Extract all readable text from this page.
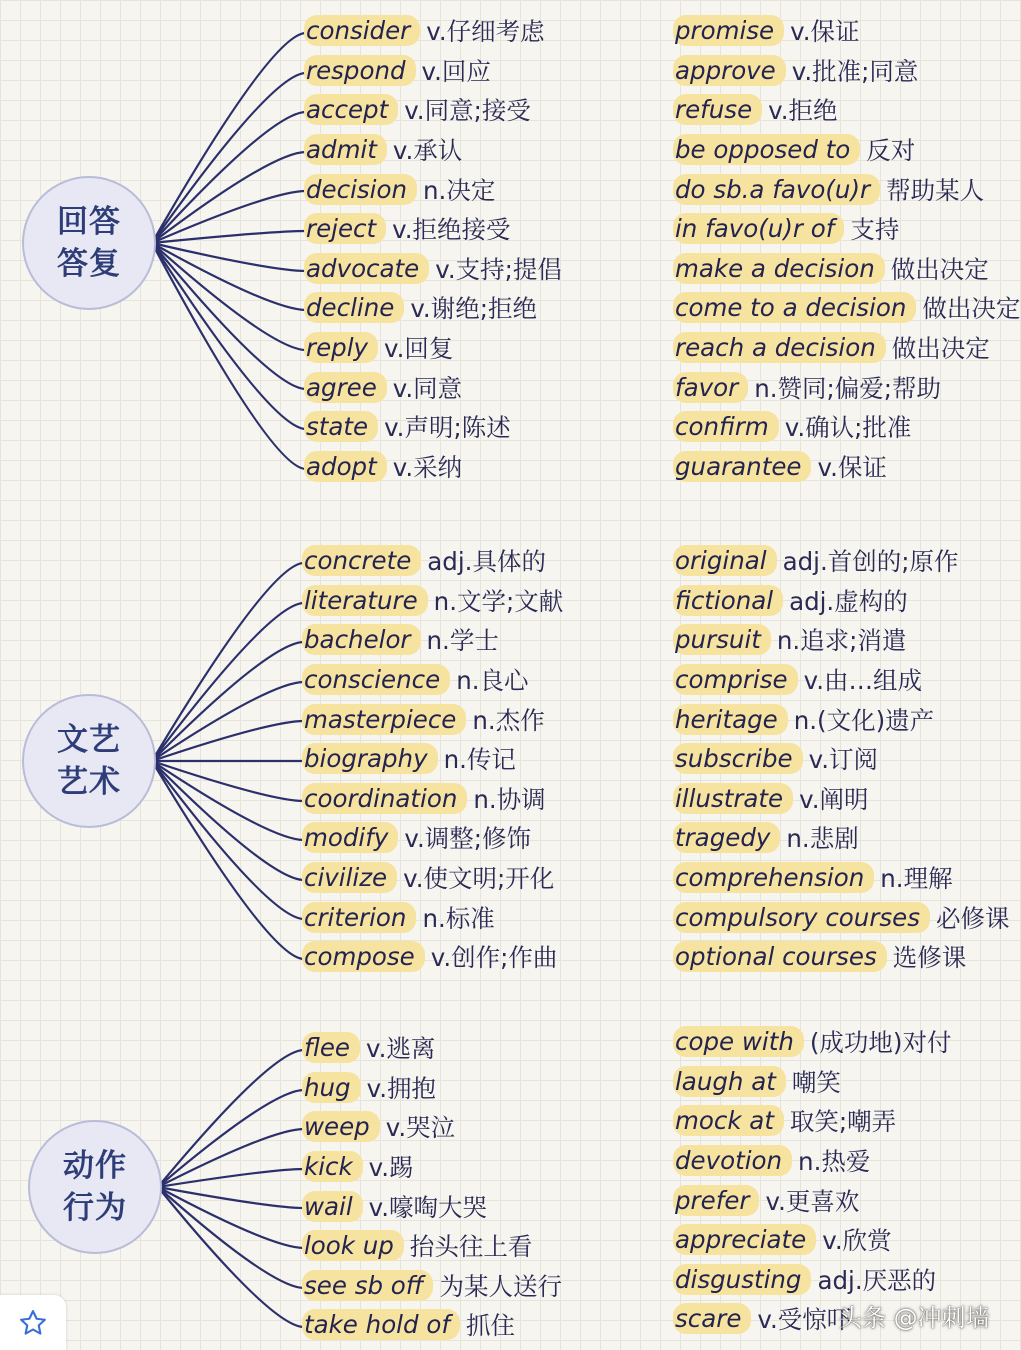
回答
答复
文艺
艺术
动作
行为
consider v.仔细考虑
respond v.回应
accept v.同意;接受
admit v.承认
decision n.决定
reject v.拒绝接受
advocate v.支持;提倡
decline v.谢绝;拒绝
reply v.回复
agree v.同意
state v.声明;陈述
adopt v.采纳
promise v.保证
approve v.批准;同意
refuse v.拒绝
be opposed to 反对
do sb.a favo(u)r 帮助某人
in favo(u)r of 支持
make a decision 做出决定
come to a decision 做出决定
reach a decision 做出决定
favor n.赞同;偏爱;帮助
confirm v.确认;批准
guarantee v.保证
concrete adj.具体的
literature n.文学;文献
bachelor n.学士
conscience n.良心
masterpiece n.杰作
biography n.传记
coordination n.协调
modify v.调整;修饰
civilize v.使文明;开化
criterion n.标准
compose v.创作;作曲
original adj.首创的;原作
fictional adj.虚构的
pursuit n.追求;消遣
comprise v.由…组成
heritage n.(文化)遗产
subscribe v.订阅
illustrate v.阐明
tragedy n.悲剧
comprehension n.理解
compulsory courses 必修课
optional courses 选修课
flee v.逃离
hug v.拥抱
weep v.哭泣
kick v.踢
wail v.嚎啕大哭
look up 抬头往上看
see sb off 为某人送行
take hold of 抓住
cope with (成功地)对付
laugh at 嘲笑
mock at 取笑;嘲弄
devotion n.热爱
prefer v.更喜欢
appreciate v.欣赏
disgusting adj.厌恶的
scare v.受惊吓
头条 @冲刺墙
